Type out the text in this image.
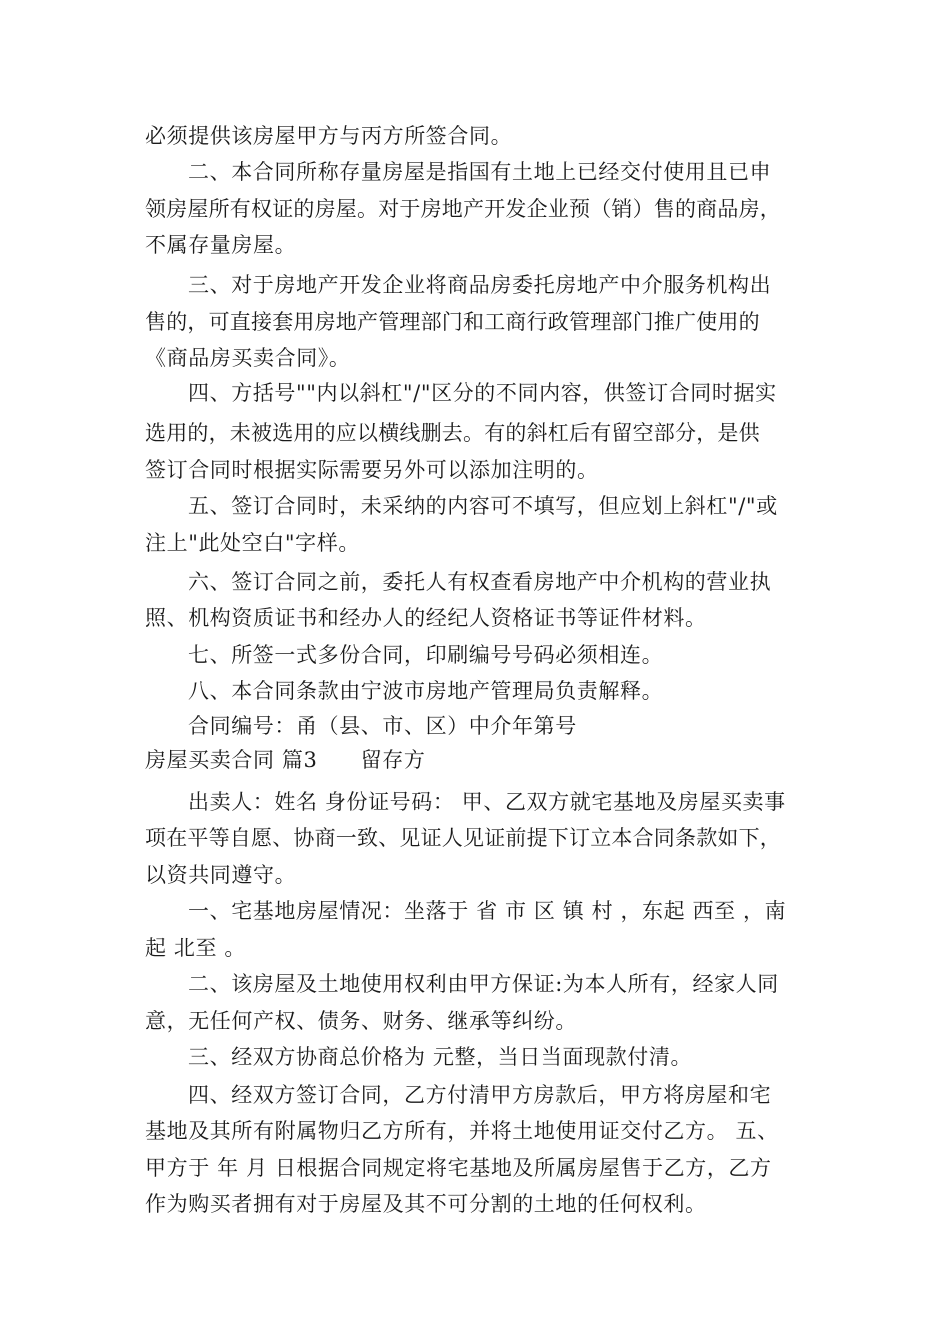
必须提供该房屋甲方与丙方所签合同。
二、本合同所称存量房屋是指国有土地上已经交付使用且已申
领房屋所有权证的房屋。对于房地产开发企业预（销）售的商品房，
不属存量房屋。
三、对于房地产开发企业将商品房委托房地产中介服务机构出
售的，可直接套用房地产管理部门和工商行政管理部门推广使用的
《商品房买卖合同》。
四、方括号""内以斜杠"/"区分的不同内容，供签订合同时据实
选用的，未被选用的应以横线删去。有的斜杠后有留空部分，是供
签订合同时根据实际需要另外可以添加注明的。
五、签订合同时，未采纳的内容可不填写，但应划上斜杠"/"或
注上"此处空白"字样。
六、签订合同之前，委托人有权查看房地产中介机构的营业执
照、机构资质证书和经办人的经纪人资格证书等证件材料。
七、所签一式多份合同，印刷编号号码必须相连。
八、本合同条款由宁波市房地产管理局负责解释。
合同编号：甬（县、市、区）中介年第号
房屋买卖合同 篇3　　留存方
出卖人：姓名 身份证号码： 甲、乙双方就宅基地及房屋买卖事
项在平等自愿、协商一致、见证人见证前提下订立本合同条款如下，
以资共同遵守。
一、宅基地房屋情况：坐落于 省 市 区 镇 村 ，东起 西至 ，南
起 北至 。
二、该房屋及土地使用权利由甲方保证:为本人所有，经家人同
意，无任何产权、债务、财务、继承等纠纷。
三、经双方协商总价格为 元整，当日当面现款付清。
四、经双方签订合同，乙方付清甲方房款后，甲方将房屋和宅
基地及其所有附属物归乙方所有，并将土地使用证交付乙方。 五、
甲方于 年 月 日根据合同规定将宅基地及所属房屋售于乙方，乙方
作为购买者拥有对于房屋及其不可分割的土地的任何权利。
